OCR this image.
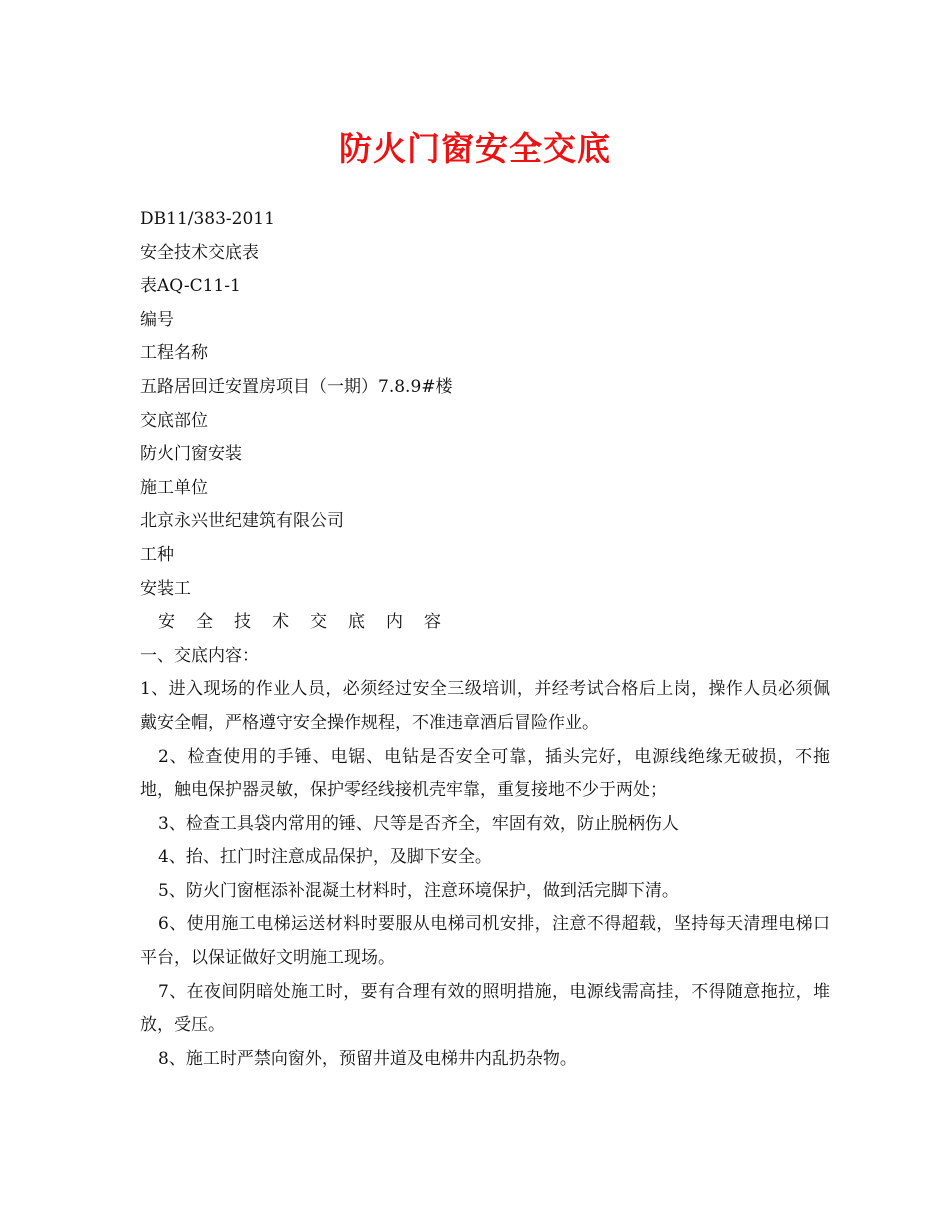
防火门窗安全交底

DB11/383-2011

安全技术交底表

表AQ-C11-1

编号

工程名称

五路居回迁安置房项目（一期）7.8.9#楼

交底部位

防火门窗安装

施工单位

北京永兴世纪建筑有限公司

工种

安装工

安全技术交底内容

一、交底内容：

1、进入现场的作业人员，必须经过安全三级培训，并经考试合格后上岗，操作人员必须佩戴安全帽，严格遵守安全操作规程，不准违章酒后冒险作业。

2、检查使用的手锤、电锯、电钻是否安全可靠，插头完好，电源线绝缘无破损，不拖地，触电保护器灵敏，保护零经线接机壳牢靠，重复接地不少于两处；

3、检查工具袋内常用的锤、尺等是否齐全，牢固有效，防止脱柄伤人

4、抬、扛门时注意成品保护，及脚下安全。

5、防火门窗框添补混凝土材料时，注意环境保护，做到活完脚下清。

6、使用施工电梯运送材料时要服从电梯司机安排，注意不得超载，坚持每天清理电梯口平台，以保证做好文明施工现场。

7、在夜间阴暗处施工时，要有合理有效的照明措施，电源线需高挂，不得随意拖拉，堆放，受压。

8、施工时严禁向窗外，预留井道及电梯井内乱扔杂物。
